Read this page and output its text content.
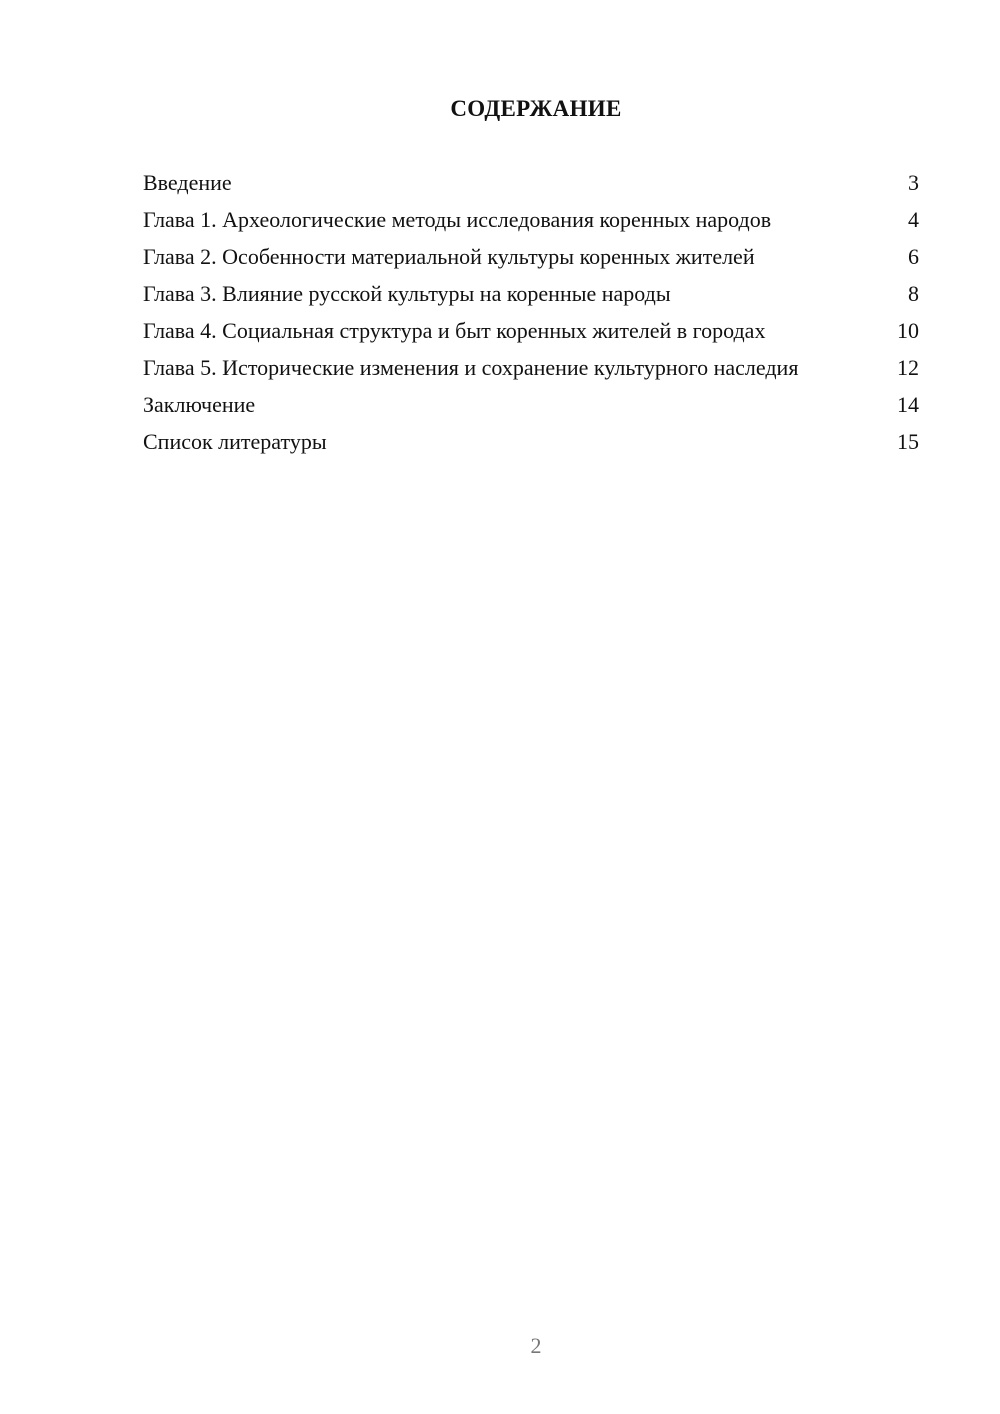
СОДЕРЖАНИЕ
Введение	3
Глава 1. Археологические методы исследования коренных народов	4
Глава 2. Особенности материальной культуры коренных жителей	6
Глава 3. Влияние русской культуры на коренные народы	8
Глава 4. Социальная структура и быт коренных жителей в городах	10
Глава 5. Исторические изменения и сохранение культурного наследия	12
Заключение	14
Список литературы	15
2
